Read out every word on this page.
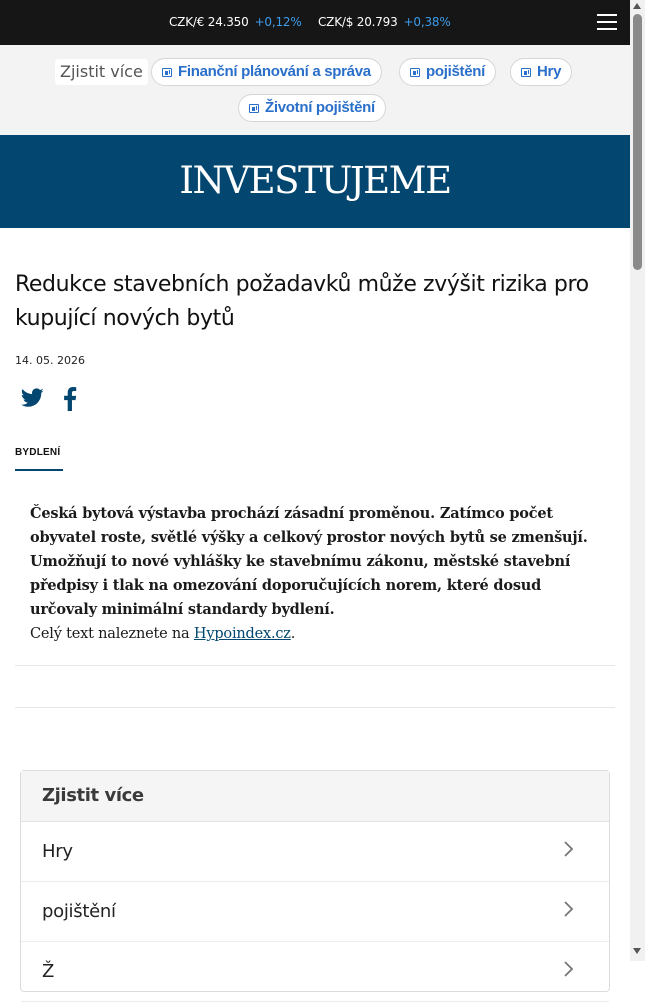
CZK/€ 24.350 +0,12% CZK/$ 20.793 +0,38%
Zjistit více	Finanční plánování a správa	pojištění	Hry
Životní pojištění
INVESTUJEME
Redukce stavebních požadavků může zvýšit rizika pro kupující nových bytů
14. 05. 2026
BYDLENÍ
Česká bytová výstavba prochází zásadní proměnou. Zatímco počet obyvatel roste, světlé výšky a celkový prostor nových bytů se zmenšují. Umožňují to nové vyhlášky ke stavebnímu zákonu, městské stavební předpisy i tlak na omezování doporučujících norem, které dosud určovaly minimální standardy bydlení.
Celý text naleznete na Hypoindex.cz.
Zjistit více
Hry
pojištění
Ž
